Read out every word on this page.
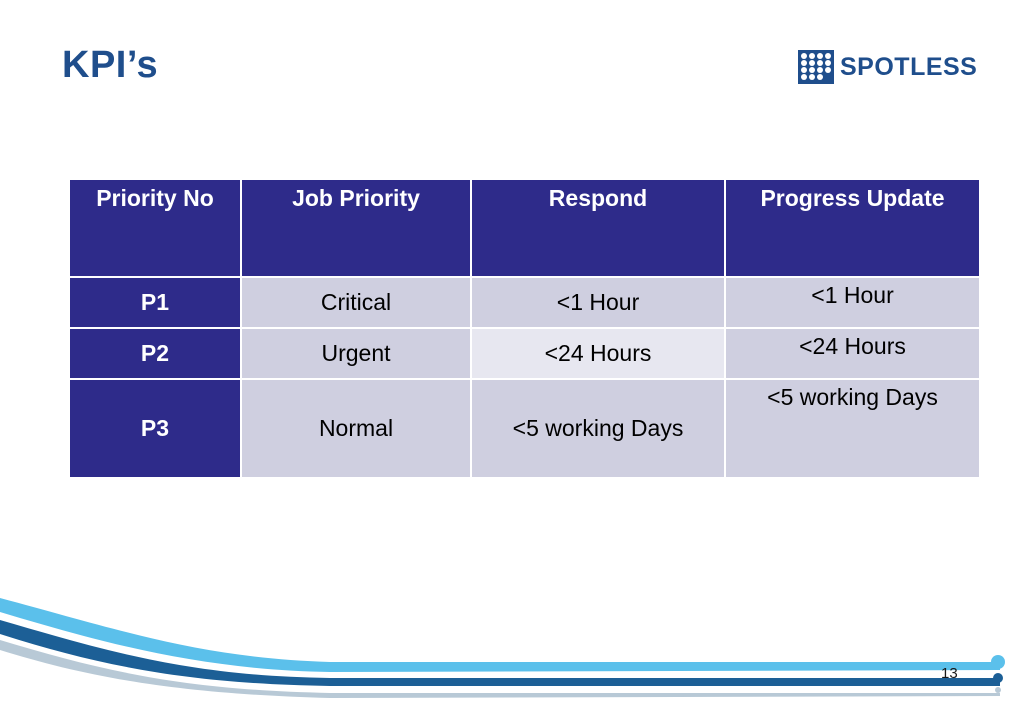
KPI’s	SPOTLESS
Priority No	Job Priority	Respond	Progress Update
P1	Critical	<1 Hour	<1 Hour
P2	Urgent	<24 Hours	<24 Hours
P3	Normal	<5 working Days	<5 working Days
13
